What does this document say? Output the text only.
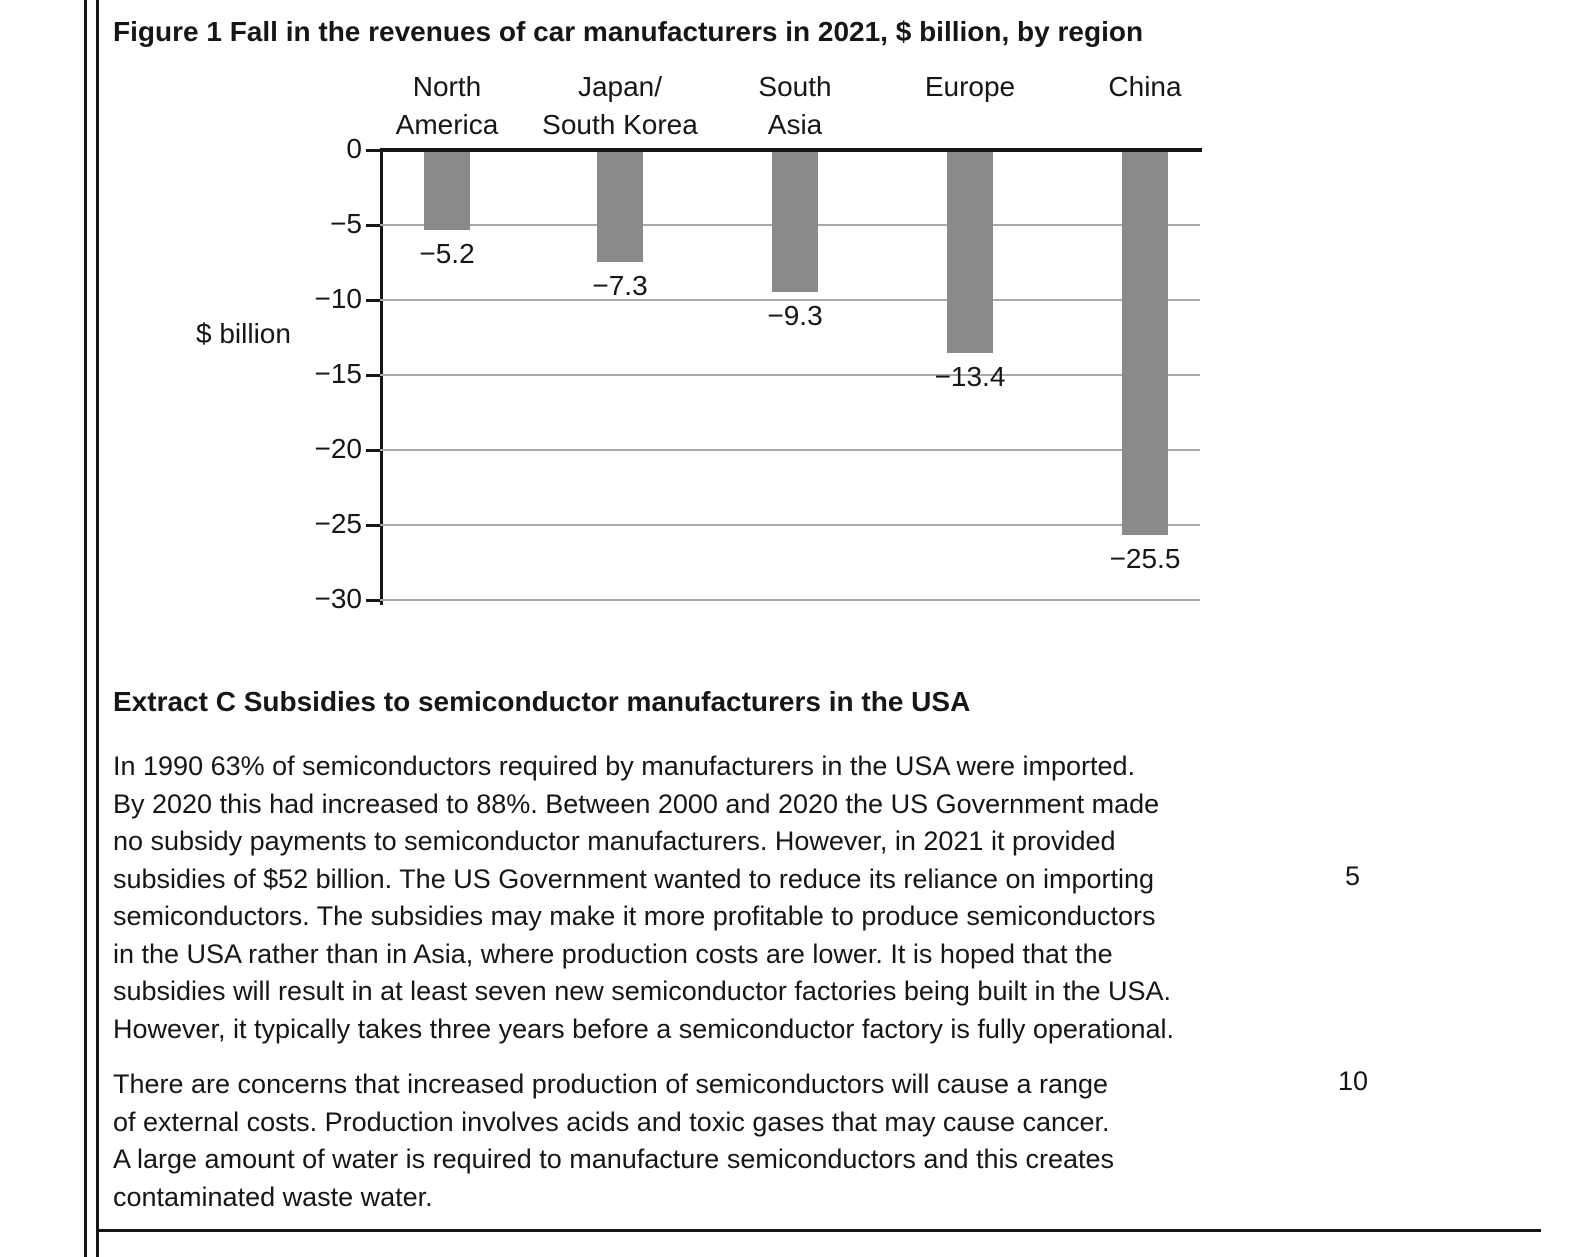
Figure 1 Fall in the revenues of car manufacturers in 2021, $ billion, by region
$ billion
0
−5
−10
−15
−20
−25
−30
−5.2
North
America
−7.3
Japan/
South Korea
−9.3
South
Asia
−13.4
Europe
−25.5
China
Extract C Subsidies to semiconductor manufacturers in the USA
In 1990 63% of semiconductors required by manufacturers in the USA were imported.
By 2020 this had increased to 88%. Between 2000 and 2020 the US Government made
no subsidy payments to semiconductor manufacturers. However, in 2021 it provided
subsidies of $52 billion. The US Government wanted to reduce its reliance on importing
semiconductors. The subsidies may make it more profitable to produce semiconductors
in the USA rather than in Asia, where production costs are lower. It is hoped that the
subsidies will result in at least seven new semiconductor factories being built in the USA.
However, it typically takes three years before a semiconductor factory is fully operational.
There are concerns that increased production of semiconductors will cause a range
of external costs. Production involves acids and toxic gases that may cause cancer.
A large amount of water is required to manufacture semiconductors and this creates
contaminated waste water.
5
10
